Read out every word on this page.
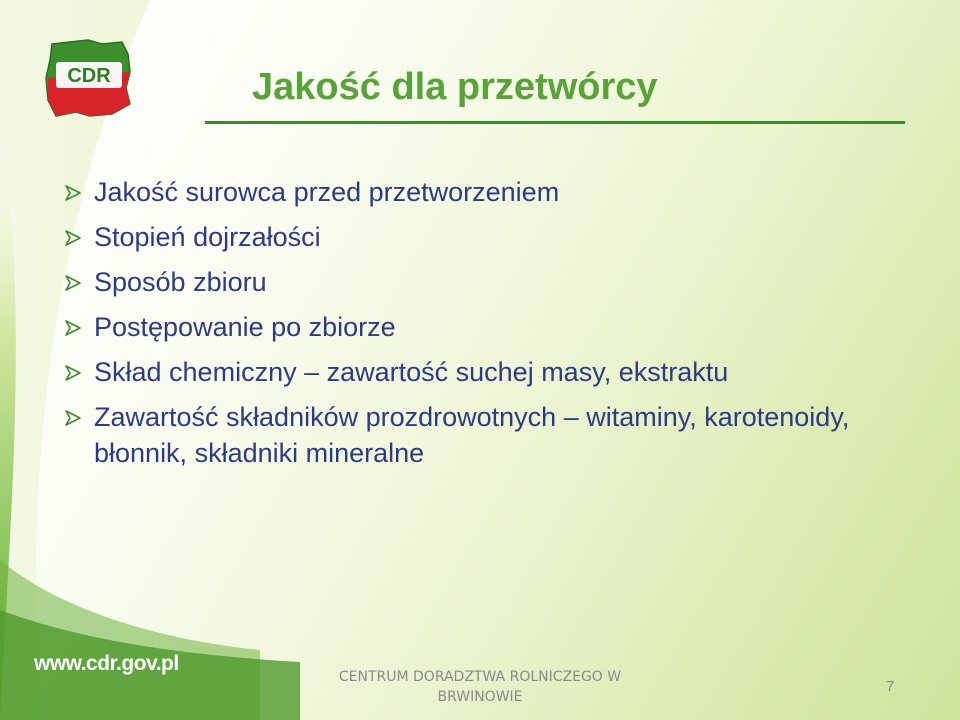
CDR	Jakość dla przetwórcy
Jakość surowca przed przetworzeniem
Stopień dojrzałości
Sposób zbioru
Postępowanie po zbiorze
Skład chemiczny – zawartość suchej masy, ekstraktu
Zawartość składników prozdrowotnych – witaminy, karotenoidy, błonnik, składniki mineralne
www.cdr.gov.pl
CENTRUM DORADZTWA ROLNICZEGO W BRWINOWIE
7
